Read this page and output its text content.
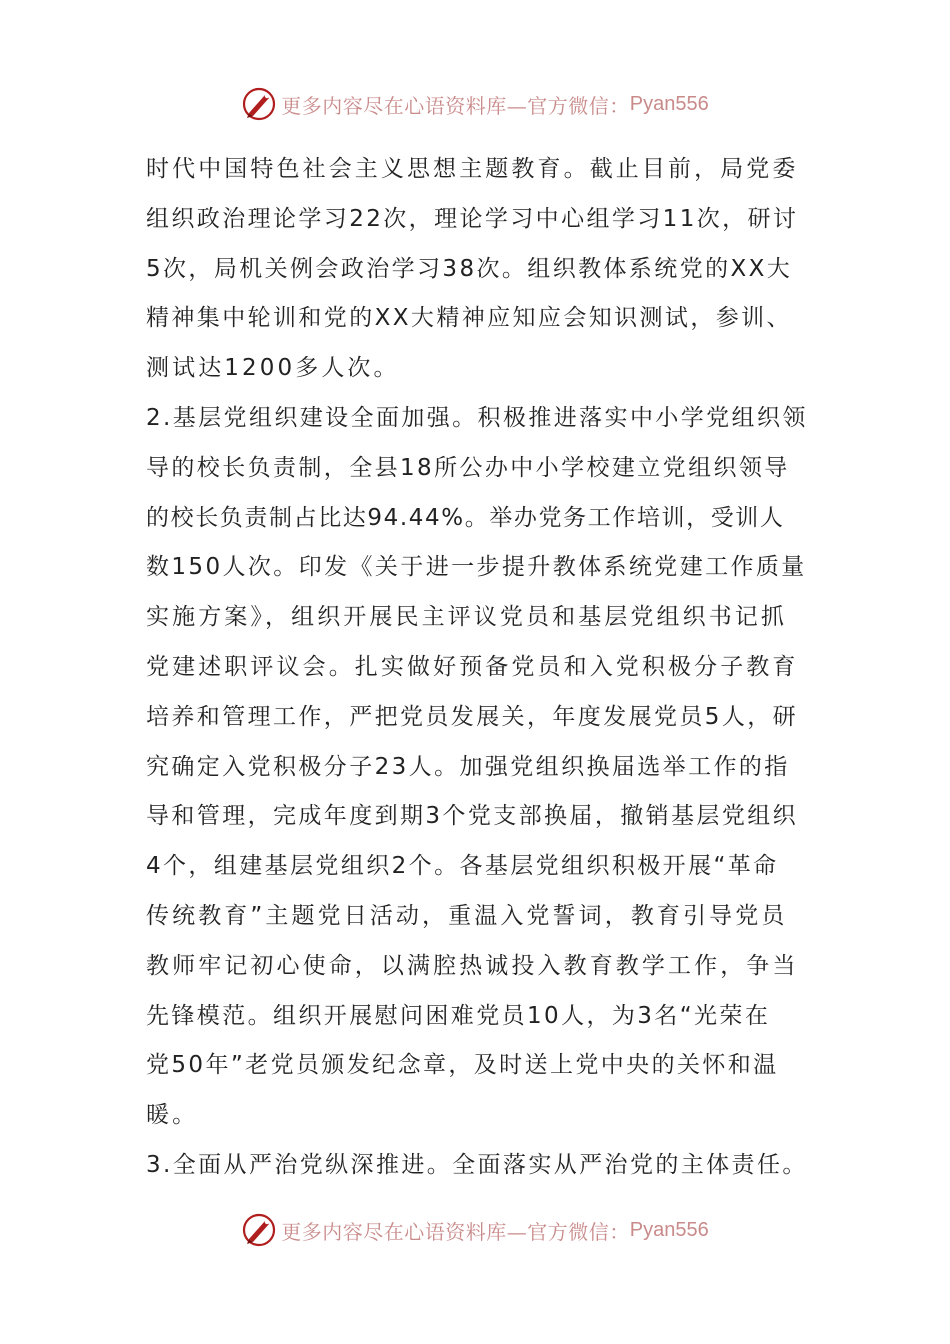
更多内容尽在心语资料库—官方微信： Pyan556
时代中国特色社会主义思想主题教育。截止目前，局党委
组织政治理论学习22次，理论学习中心组学习11次，研讨
5次，局机关例会政治学习38次。组织教体系统党的XX大
精神集中轮训和党的XX大精神应知应会知识测试，参训、
测试达1200多人次。
2.基层党组织建设全面加强。积极推进落实中小学党组织领
导的校长负责制，全县18所公办中小学校建立党组织领导
的校长负责制占比达94.44%。举办党务工作培训，受训人
数150人次。印发《关于进一步提升教体系统党建工作质量
实施方案》，组织开展民主评议党员和基层党组织书记抓
党建述职评议会。扎实做好预备党员和入党积极分子教育
培养和管理工作，严把党员发展关，年度发展党员5人，研
究确定入党积极分子23人。加强党组织换届选举工作的指
导和管理，完成年度到期3个党支部换届，撤销基层党组织
4个，组建基层党组织2个。各基层党组织积极开展“革命
传统教育”主题党日活动，重温入党誓词，教育引导党员
教师牢记初心使命，以满腔热诚投入教育教学工作，争当
先锋模范。组织开展慰问困难党员10人，为3名“光荣在
党50年”老党员颁发纪念章，及时送上党中央的关怀和温
暖。
3.全面从严治党纵深推进。全面落实从严治党的主体责任。
更多内容尽在心语资料库—官方微信： Pyan556
